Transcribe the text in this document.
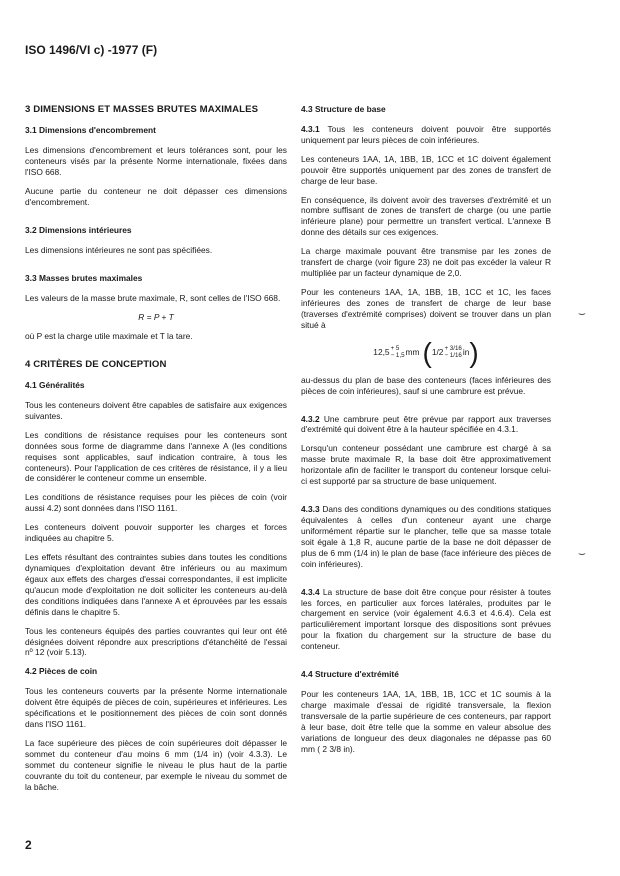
ISO 1496/VI c) -1977 (F)
3 DIMENSIONS ET MASSES BRUTES MAXIMALES
3.1 Dimensions d'encombrement

Les dimensions d'encombrement et leurs tolérances sont, pour les conteneurs visés par la présente Norme internationale, fixées dans l'ISO 668.

Aucune partie du conteneur ne doit dépasser ces dimensions d'encombrement.

3.2 Dimensions intérieures

Les dimensions intérieures ne sont pas spécifiées.

3.3 Masses brutes maximales

Les valeurs de la masse brute maximale, R, sont celles de l'ISO 668.

R = P + T

où P est la charge utile maximale et T la tare.

4 CRITÈRES DE CONCEPTION
4.1 Généralités

Tous les conteneurs doivent être capables de satisfaire aux exigences suivantes.

Les conditions de résistance requises pour les conteneurs sont données sous forme de diagramme dans l'annexe A (les conditions requises sont applicables, sauf indication contraire, à tous les conteneurs). Pour l'application de ces critères de résistance, il y a lieu de considérer le conteneur comme un ensemble.

Les conditions de résistance requises pour les pièces de coin (voir aussi 4.2) sont données dans l'ISO 1161.

Les conteneurs doivent pouvoir supporter les charges et forces indiquées au chapitre 5.

Les effets résultant des contraintes subies dans toutes les conditions dynamiques d'exploitation devant être inférieurs ou au maximum égaux aux effets des charges d'essai correspondantes, il est implicite qu'aucun mode d'exploitation ne doit solliciter les conteneurs au-delà des conditions indiquées dans l'annexe A et éprouvées par les essais définis dans le chapitre 5.

Tous les conteneurs équipés des parties couvrantes qui leur ont été désignées doivent répondre aux prescriptions d'étanchéité de l'essai nº 12 (voir 5.13).

4.2 Pièces de coin

Tous les conteneurs couverts par la présente Norme internationale doivent être équipés de pièces de coin, supérieures et inférieures. Les spécifications et le positionnement des pièces de coin sont donnés dans l'ISO 1161.

La face supérieure des pièces de coin supérieures doit dépasser le sommet du conteneur d'au moins 6 mm (1/4 in) (voir 4.3.3). Le sommet du conteneur signifie le niveau le plus haut de la partie couvrante du toit du conteneur, par exemple le niveau du sommet de la bâche.

4.3 Structure de base

4.3.1 Tous les conteneurs doivent pouvoir être supportés uniquement par leurs pièces de coin inférieures.

Les conteneurs 1AA, 1A, 1BB, 1B, 1CC et 1C doivent également pouvoir être supportés uniquement par des zones de transfert de charge de leur base.

En conséquence, ils doivent avoir des traverses d'extrémité et un nombre suffisant de zones de transfert de charge (ou une partie inférieure plane) pour permettre un transfert vertical. L'annexe B donne des détails sur ces exigences.

La charge maximale pouvant être transmise par les zones de transfert de charge (voir figure 23) ne doit pas excéder la valeur R multipliée par un facteur dynamique de 2,0.

Pour les conteneurs 1AA, 1A, 1BB, 1B, 1CC et 1C, les faces inférieures des zones de transfert de charge de leur base (traverses d'extrémité comprises) doivent se trouver dans un plan situé à

12,5 + 5
− 1,5 mm ( 1/2 + 3/16
− 1/16 in )

au-dessus du plan de base des conteneurs (faces inférieures des pièces de coin inférieures), sauf si une cambrure est prévue.

4.3.2 Une cambrure peut être prévue par rapport aux traverses d'extrémité qui doivent être à la hauteur spécifiée en 4.3.1.

Lorsqu'un conteneur possédant une cambrure est chargé à sa masse brute maximale R, la base doit être approximativement horizontale afin de faciliter le transport du conteneur lorsque celui-ci est supporté par sa structure de base uniquement.

4.3.3 Dans des conditions dynamiques ou des conditions statiques équivalentes à celles d'un conteneur ayant une charge uniformément répartie sur le plancher, telle que sa masse totale soit égale à 1,8 R, aucune partie de la base ne doit dépasser de plus de 6 mm (1/4 in) le plan de base (face inférieure des pièces de coin inférieures).

4.3.4 La structure de base doit être conçue pour résister à toutes les forces, en particulier aux forces latérales, produites par le chargement en service (voir également 4.6.3 et 4.6.4). Cela est particulièrement important lorsque des dispositions sont prévues pour la fixation du chargement sur la structure de base du conteneur.

4.4 Structure d'extrémité

Pour les conteneurs 1AA, 1A, 1BB, 1B, 1CC et 1C soumis à la charge maximale d'essai de rigidité transversale, la flexion transversale de la partie supérieure de ces conteneurs, par rapport à leur base, doit être telle que la somme en valeur absolue des variations de longueur des deux diagonales ne dépasse pas 60 mm ( 2 3/8 in).

⌣
⌣
2
